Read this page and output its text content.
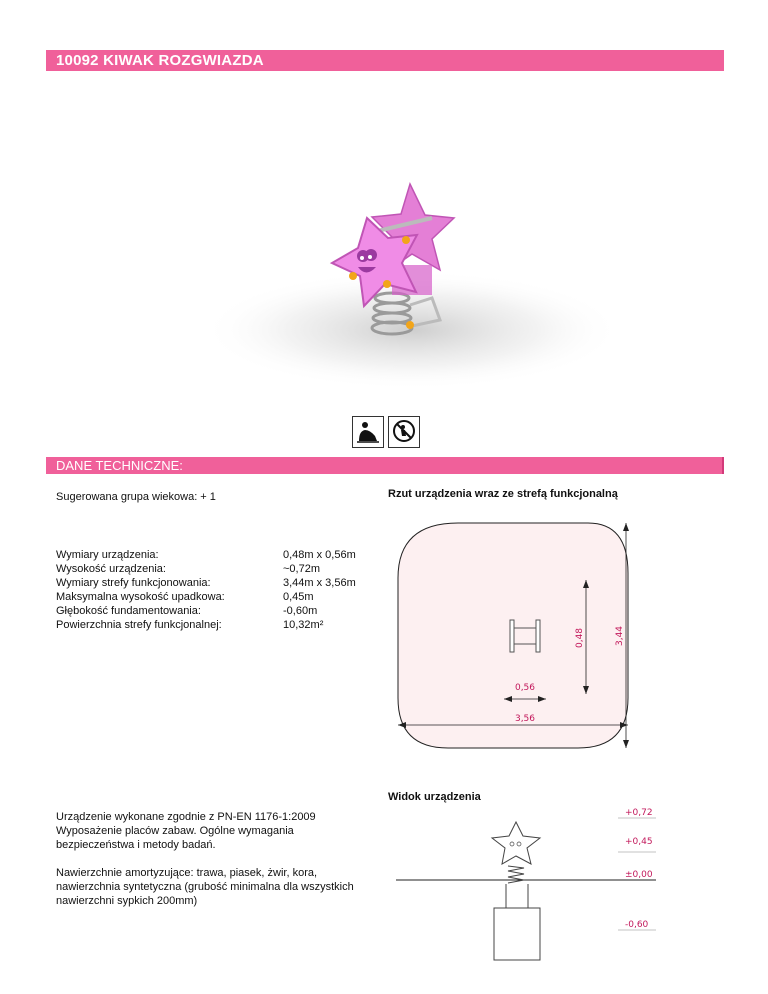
10092 KIWAK ROZGWIAZDA
DANE TECHNICZNE:
Sugerowana grupa wiekowa: + 1
Wymiary urządzenia:
Wysokość urządzenia:
Wymiary strefy funkcjonowania:
Maksymalna wysokość upadkowa:
Głębokość fundamentowania:
Powierzchnia strefy funkcjonalnej:
0,48m x 0,56m
~0,72m
3,44m x 3,56m
0,45m
-0,60m
10,32m²
Urządzenie wykonane zgodnie z PN-EN 1176-1:2009
Wyposażenie placów zabaw. Ogólne wymagania
bezpieczeństwa i metody badań.
Nawierzchnie amortyzujące: trawa, piasek, żwir, kora,
nawierzchnia syntetyczna (grubość minimalna dla wszystkich
nawierzchni sypkich 200mm)
Rzut urządzenia wraz ze strefą funkcjonalną
0,48	3,44
0,56
3,56
Widok urządzenia
+0,72
+0,45
±0,00
-0,60
